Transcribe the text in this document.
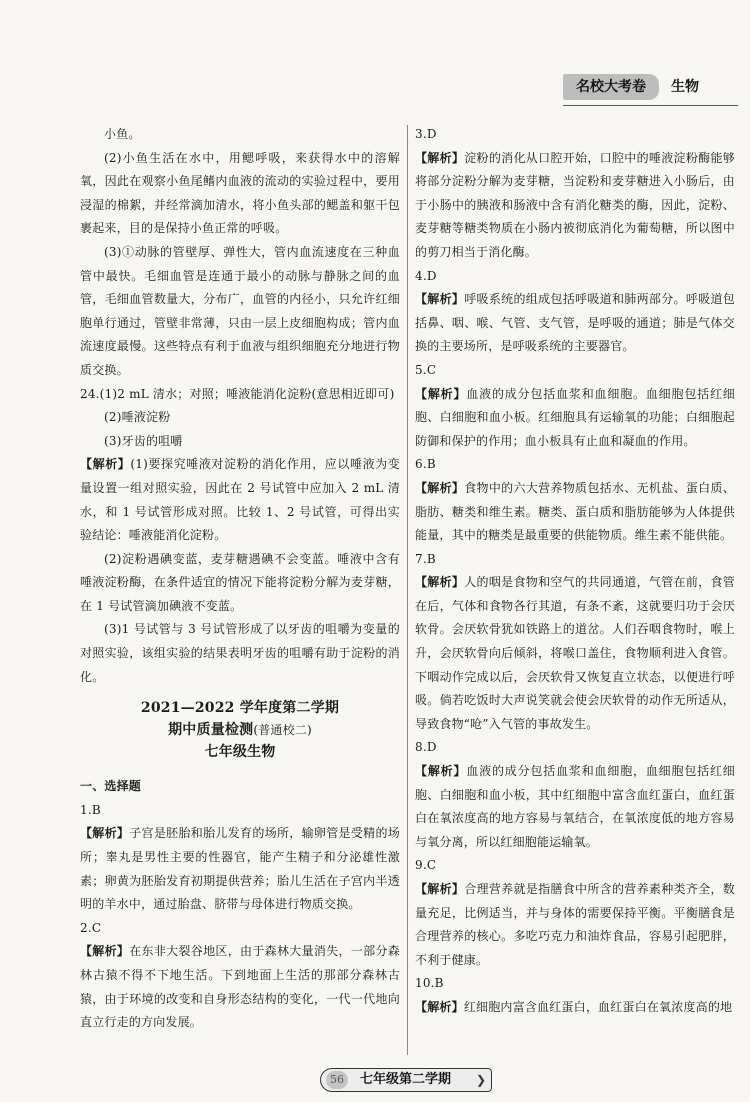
名校大考卷	生物
小鱼。
(2)小鱼生活在水中，用鳃呼吸，来获得水中的溶解氧，因此在观察小鱼尾鳍内血液的流动的实验过程中，要用浸湿的棉絮，并经常滴加清水，将小鱼头部的鳃盖和躯干包裹起来，目的是保持小鱼正常的呼吸。
(3)①动脉的管壁厚、弹性大，管内血流速度在三种血管中最快。毛细血管是连通于最小的动脉与静脉之间的血管，毛细血管数量大，分布广，血管的内径小，只允许红细胞单行通过，管壁非常薄，只由一层上皮细胞构成；管内血流速度最慢。这些特点有利于血液与组织细胞充分地进行物质交换。
24.(1)2 mL 清水；对照；唾液能消化淀粉(意思相近即可)
(2)唾液淀粉
(3)牙齿的咀嚼
【解析】(1)要探究唾液对淀粉的消化作用，应以唾液为变量设置一组对照实验，因此在 2 号试管中应加入 2 mL 清水，和 1 号试管形成对照。比较 1、2 号试管，可得出实验结论：唾液能消化淀粉。
(2)淀粉遇碘变蓝，麦芽糖遇碘不会变蓝。唾液中含有唾液淀粉酶，在条件适宜的情况下能将淀粉分解为麦芽糖，在 1 号试管滴加碘液不变蓝。
(3)1 号试管与 3 号试管形成了以牙齿的咀嚼为变量的对照实验，该组实验的结果表明牙齿的咀嚼有助于淀粉的消化。
2021—2022 学年度第二学期
期中质量检测(普通校二)
七年级生物
一、选择题
1.B
【解析】子宫是胚胎和胎儿发育的场所，输卵管是受精的场所；睾丸是男性主要的性器官，能产生精子和分泌雄性激素；卵黄为胚胎发育初期提供营养；胎儿生活在子宫内半透明的羊水中，通过胎盘、脐带与母体进行物质交换。
2.C
【解析】在东非大裂谷地区，由于森林大量消失，一部分森林古猿不得不下地生活。下到地面上生活的那部分森林古猿，由于环境的改变和自身形态结构的变化，一代一代地向直立行走的方向发展。
3.D
【解析】淀粉的消化从口腔开始，口腔中的唾液淀粉酶能够将部分淀粉分解为麦芽糖，当淀粉和麦芽糖进入小肠后，由于小肠中的胰液和肠液中含有消化糖类的酶，因此，淀粉、麦芽糖等糖类物质在小肠内被彻底消化为葡萄糖，所以图中的剪刀相当于消化酶。
4.D
【解析】呼吸系统的组成包括呼吸道和肺两部分。呼吸道包括鼻、咽、喉、气管、支气管，是呼吸的通道；肺是气体交换的主要场所，是呼吸系统的主要器官。
5.C
【解析】血液的成分包括血浆和血细胞。血细胞包括红细胞、白细胞和血小板。红细胞具有运输氧的功能；白细胞起防御和保护的作用；血小板具有止血和凝血的作用。
6.B
【解析】食物中的六大营养物质包括水、无机盐、蛋白质、脂肪、糖类和维生素。糖类、蛋白质和脂肪能够为人体提供能量，其中的糖类是最重要的供能物质。维生素不能供能。
7.B
【解析】人的咽是食物和空气的共同通道，气管在前，食管在后，气体和食物各行其道，有条不紊，这就要归功于会厌软骨。会厌软骨犹如铁路上的道岔。人们吞咽食物时，喉上升，会厌软骨向后倾斜，将喉口盖住，食物顺利进入食管。下咽动作完成以后，会厌软骨又恢复直立状态，以便进行呼吸。倘若吃饭时大声说笑就会使会厌软骨的动作无所适从，导致食物“呛”入气管的事故发生。
8.D
【解析】血液的成分包括血浆和血细胞，血细胞包括红细胞、白细胞和血小板，其中红细胞中富含血红蛋白，血红蛋白在氧浓度高的地方容易与氧结合，在氧浓度低的地方容易与氧分离，所以红细胞能运输氧。
9.C
【解析】合理营养就是指膳食中所含的营养素种类齐全，数量充足，比例适当，并与身体的需要保持平衡。平衡膳食是合理营养的核心。多吃巧克力和油炸食品，容易引起肥胖，不利于健康。
10.B
【解析】红细胞内富含血红蛋白，血红蛋白在氧浓度高的地
56	七年级第二学期 ❯
